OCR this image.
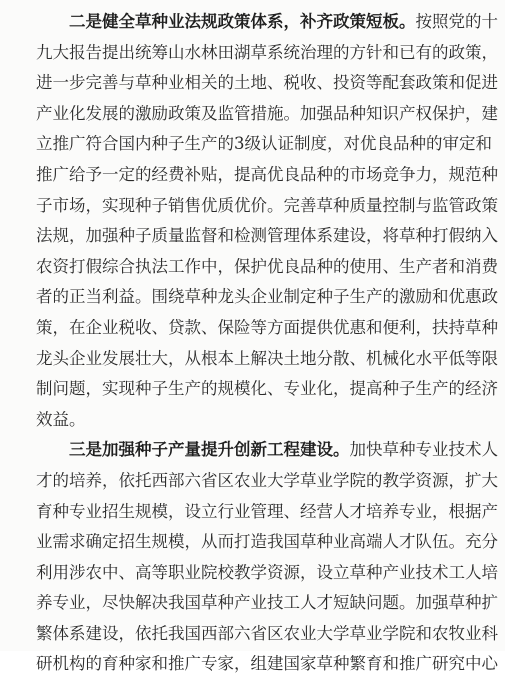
二是健全草种业法规政策体系，补齐政策短板。按照党的十
九大报告提出统筹山水林田湖草系统治理的方针和已有的政策，
进一步完善与草种业相关的土地、税收、投资等配套政策和促进
产业化发展的激励政策及监管措施。加强品种知识产权保护，建
立推广符合国内种子生产的3级认证制度，对优良品种的审定和
推广给予一定的经费补贴，提高优良品种的市场竞争力，规范种
子市场，实现种子销售优质优价。完善草种质量控制与监管政策
法规，加强种子质量监督和检测管理体系建设，将草种打假纳入
农资打假综合执法工作中，保护优良品种的使用、生产者和消费
者的正当利益。围绕草种龙头企业制定种子生产的激励和优惠政
策，在企业税收、贷款、保险等方面提供优惠和便利，扶持草种
龙头企业发展壮大，从根本上解决土地分散、机械化水平低等限
制问题，实现种子生产的规模化、专业化，提高种子生产的经济
效益。
三是加强种子产量提升创新工程建设。加快草种专业技术人
才的培养，依托西部六省区农业大学草业学院的教学资源，扩大
育种专业招生规模，设立行业管理、经营人才培养专业，根据产
业需求确定招生规模，从而打造我国草种业高端人才队伍。充分
利用涉农中、高等职业院校教学资源，设立草种产业技术工人培
养专业，尽快解决我国草种产业技工人才短缺问题。加强草种扩
繁体系建设，依托我国西部六省区农业大学草业学院和农牧业科
研机构的育种家和推广专家，组建国家草种繁育和推广研究中心
